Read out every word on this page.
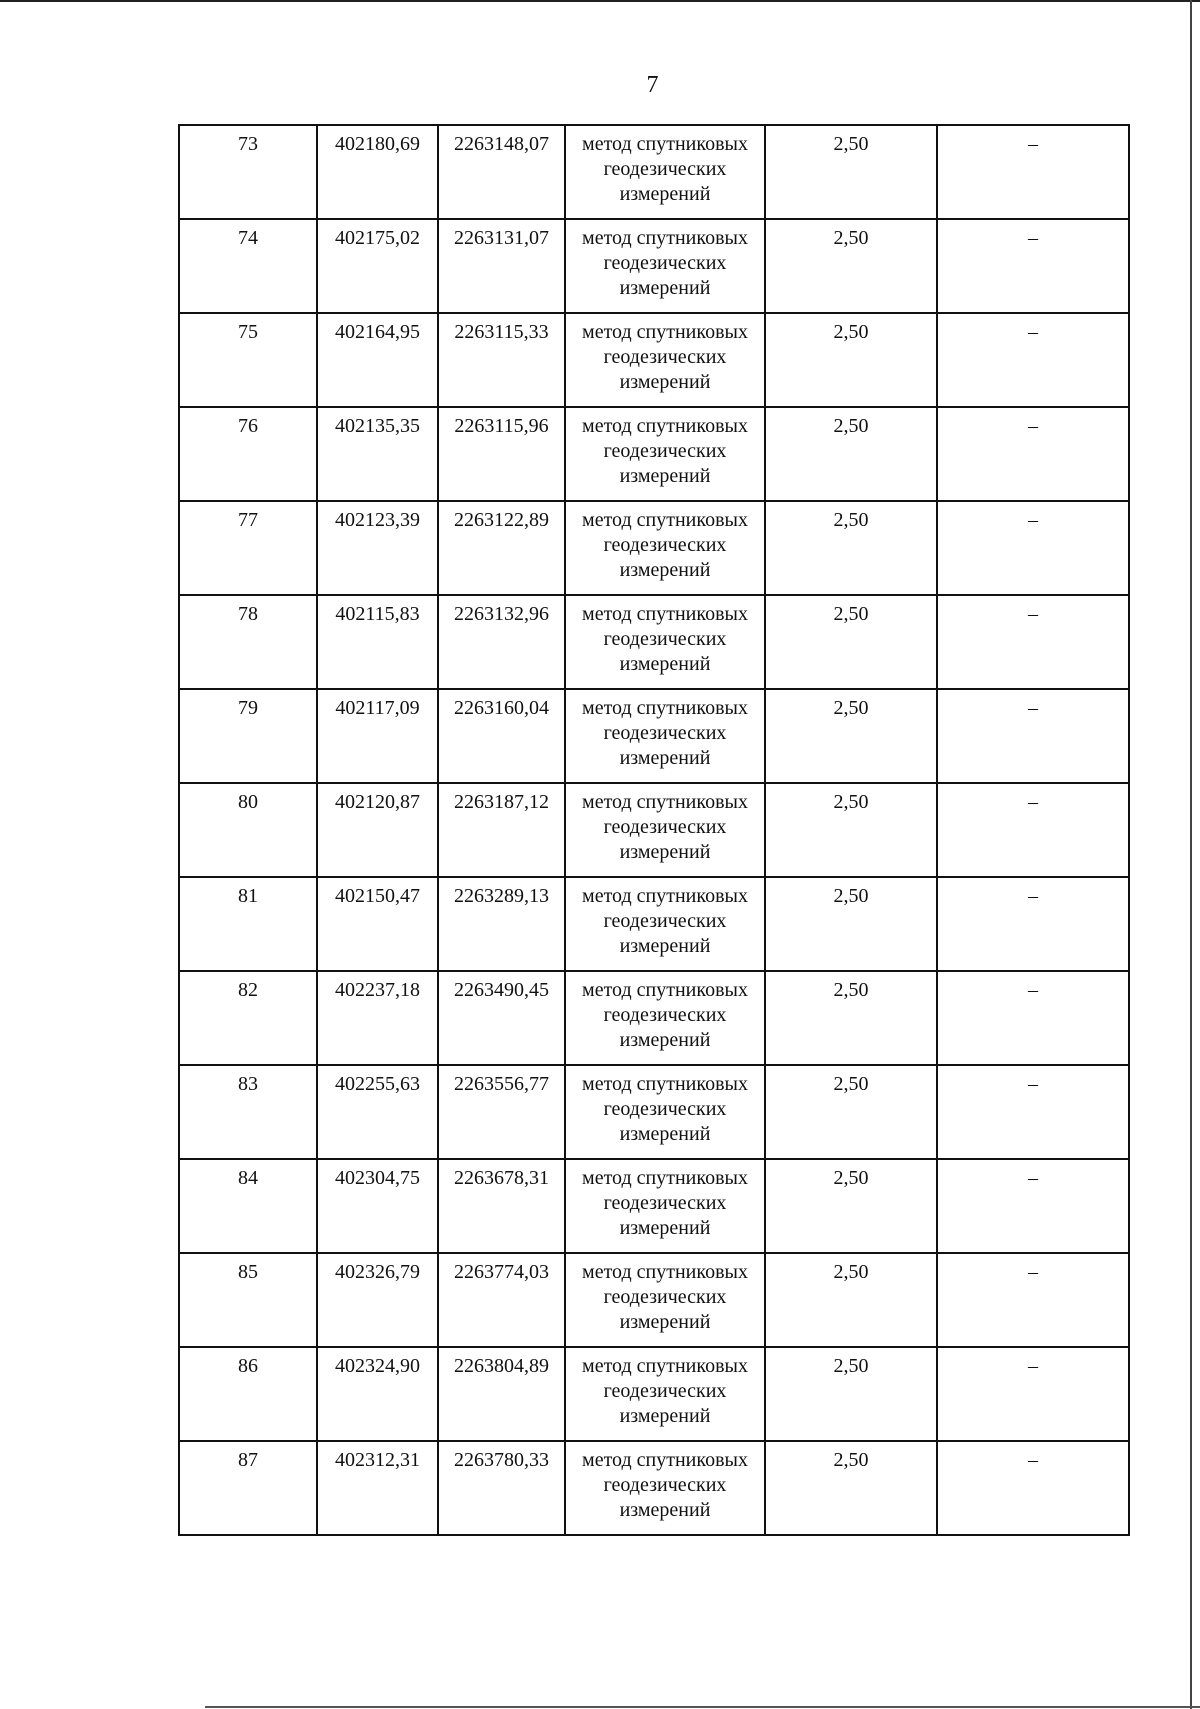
7
73	402180,69	2263148,07	метод спутниковых геодезических измерений	2,50	–
74	402175,02	2263131,07	метод спутниковых геодезических измерений	2,50	–
75	402164,95	2263115,33	метод спутниковых геодезических измерений	2,50	–
76	402135,35	2263115,96	метод спутниковых геодезических измерений	2,50	–
77	402123,39	2263122,89	метод спутниковых геодезических измерений	2,50	–
78	402115,83	2263132,96	метод спутниковых геодезических измерений	2,50	–
79	402117,09	2263160,04	метод спутниковых геодезических измерений	2,50	–
80	402120,87	2263187,12	метод спутниковых геодезических измерений	2,50	–
81	402150,47	2263289,13	метод спутниковых геодезических измерений	2,50	–
82	402237,18	2263490,45	метод спутниковых геодезических измерений	2,50	–
83	402255,63	2263556,77	метод спутниковых геодезических измерений	2,50	–
84	402304,75	2263678,31	метод спутниковых геодезических измерений	2,50	–
85	402326,79	2263774,03	метод спутниковых геодезических измерений	2,50	–
86	402324,90	2263804,89	метод спутниковых геодезических измерений	2,50	–
87	402312,31	2263780,33	метод спутниковых геодезических измерений	2,50	–
